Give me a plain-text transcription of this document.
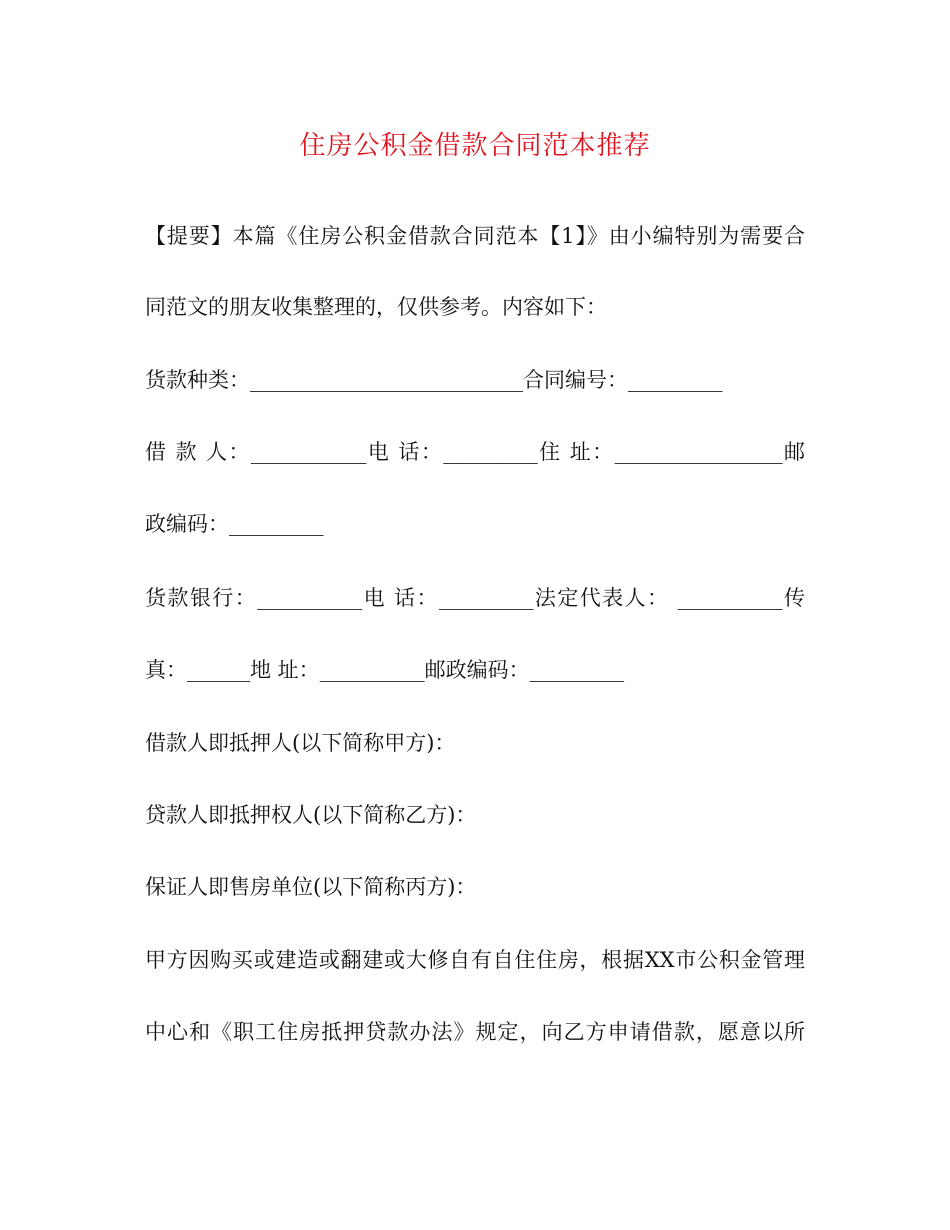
住房公积金借款合同范本推荐
【提要】本篇《住房公积金借款合同范本【1】》由小编特别为需要合
同范文的朋友收集整理的，仅供参考。内容如下：
货款种类：__________________________合同编号：_________
借 款 人：___________电 话：_________住 址：________________邮
政编码：_________
货款银行：__________电 话：_________法定代表人： __________传
真：______地 址：__________邮政编码：_________
借款人即抵押人(以下简称甲方)：
贷款人即抵押权人(以下简称乙方)：
保证人即售房单位(以下简称丙方)：
甲方因购买或建造或翻建或大修自有自住住房，根据XX市公积金管理
中心和《职工住房抵押贷款办法》规定，向乙方申请借款，愿意以所
